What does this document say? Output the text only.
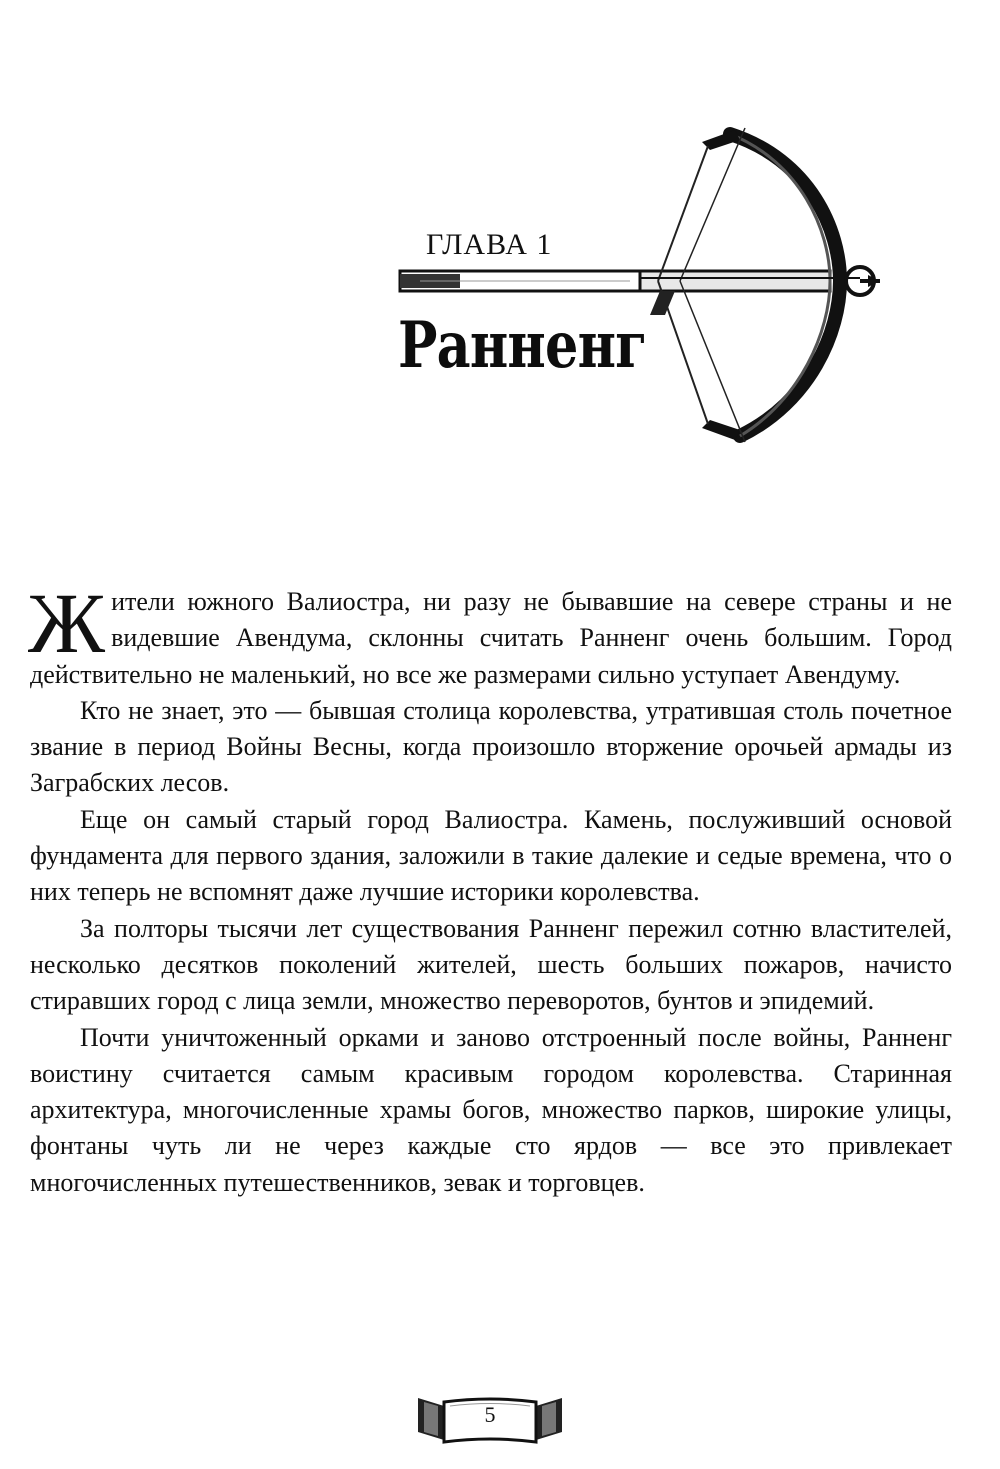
ГЛАВА 1
Ранненг

Жители южного Валиостра, ни разу не бывавшие на севере страны и не видевшие Авендума, склонны считать Ранненг очень большим. Город действительно не маленький, но все же размерами сильно уступает Авендуму.

Кто не знает, это — бывшая столица королевства, утратившая столь почетное звание в период Войны Весны, когда произошло вторжение орочьей армады из Заграбских лесов.

Еще он самый старый город Валиостра. Камень, послуживший основой фундамента для первого здания, заложили в такие далекие и седые времена, что о них теперь не вспомнят даже лучшие историки королевства.

За полторы тысячи лет существования Ранненг пережил сотню властителей, несколько десятков поколений жителей, шесть больших пожаров, начисто стиравших город с лица земли, множество переворотов, бунтов и эпидемий.

Почти уничтоженный орками и заново отстроенный после войны, Ранненг воистину считается самым красивым городом королевства. Старинная архитектура, многочисленные храмы богов, множество парков, широкие улицы, фонтаны чуть ли не через каждые сто ярдов — все это привлекает многочисленных путешественников, зевак и торговцев.

5
